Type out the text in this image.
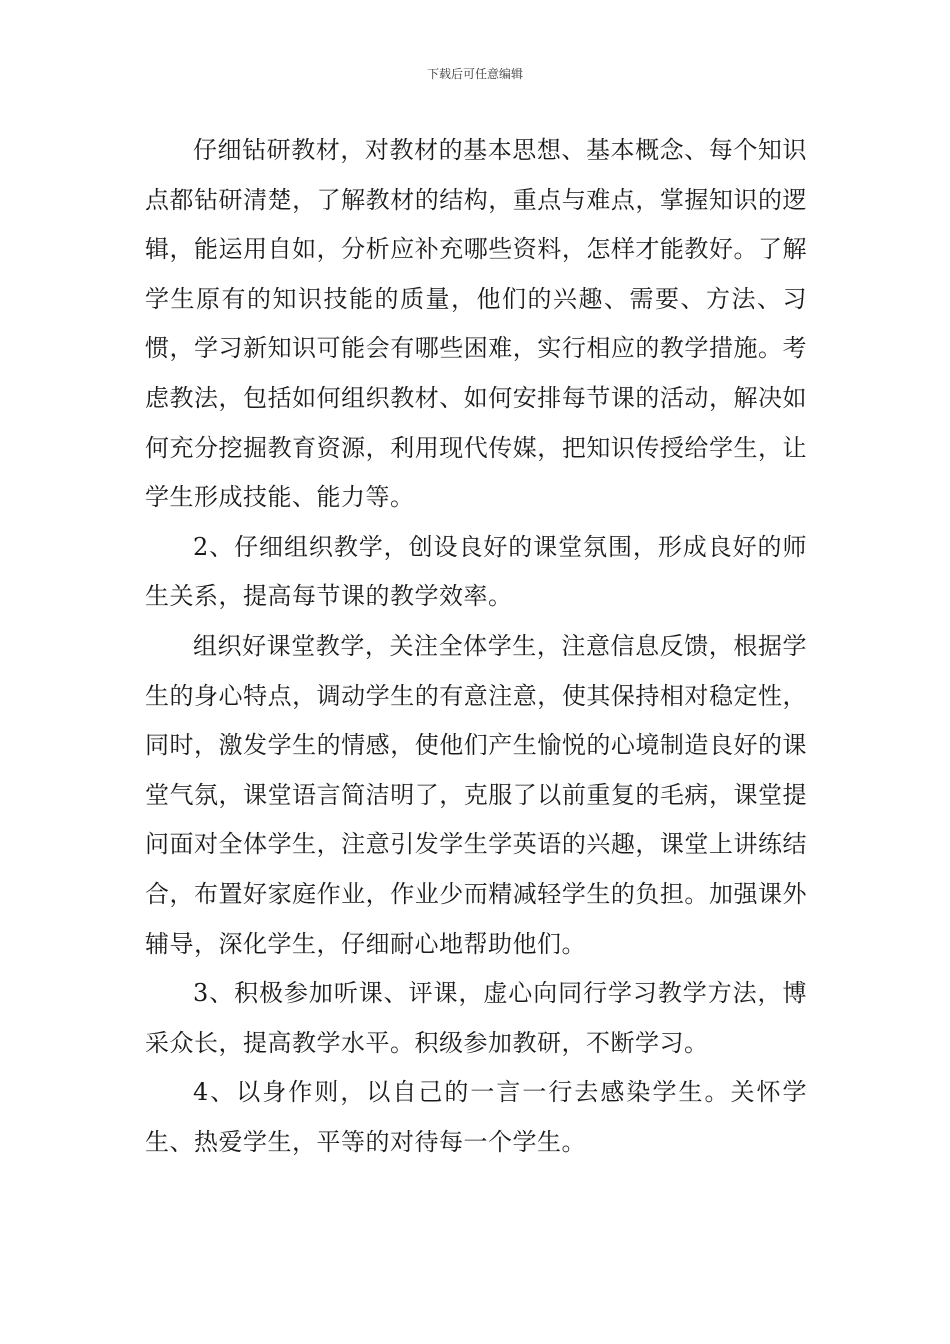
下载后可任意编辑

仔细钻研教材，对教材的基本思想、基本概念、每个知识点都钻研清楚，了解教材的结构，重点与难点，掌握知识的逻辑，能运用自如，分析应补充哪些资料，怎样才能教好。了解学生原有的知识技能的质量，他们的兴趣、需要、方法、习惯，学习新知识可能会有哪些困难，实行相应的教学措施。考虑教法，包括如何组织教材、如何安排每节课的活动，解决如何充分挖掘教育资源，利用现代传媒，把知识传授给学生，让学生形成技能、能力等。

2、仔细组织教学，创设良好的课堂氛围，形成良好的师生关系，提高每节课的教学效率。

组织好课堂教学，关注全体学生，注意信息反馈，根据学生的身心特点，调动学生的有意注意，使其保持相对稳定性，同时，激发学生的情感，使他们产生愉悦的心境制造良好的课堂气氛，课堂语言简洁明了，克服了以前重复的毛病，课堂提问面对全体学生，注意引发学生学英语的兴趣，课堂上讲练结合，布置好家庭作业，作业少而精减轻学生的负担。加强课外辅导，深化学生，仔细耐心地帮助他们。

3、积极参加听课、评课，虚心向同行学习教学方法，博采众长，提高教学水平。积级参加教研，不断学习。

4、以身作则，以自己的一言一行去感染学生。关怀学生、热爱学生，平等的对待每一个学生。
